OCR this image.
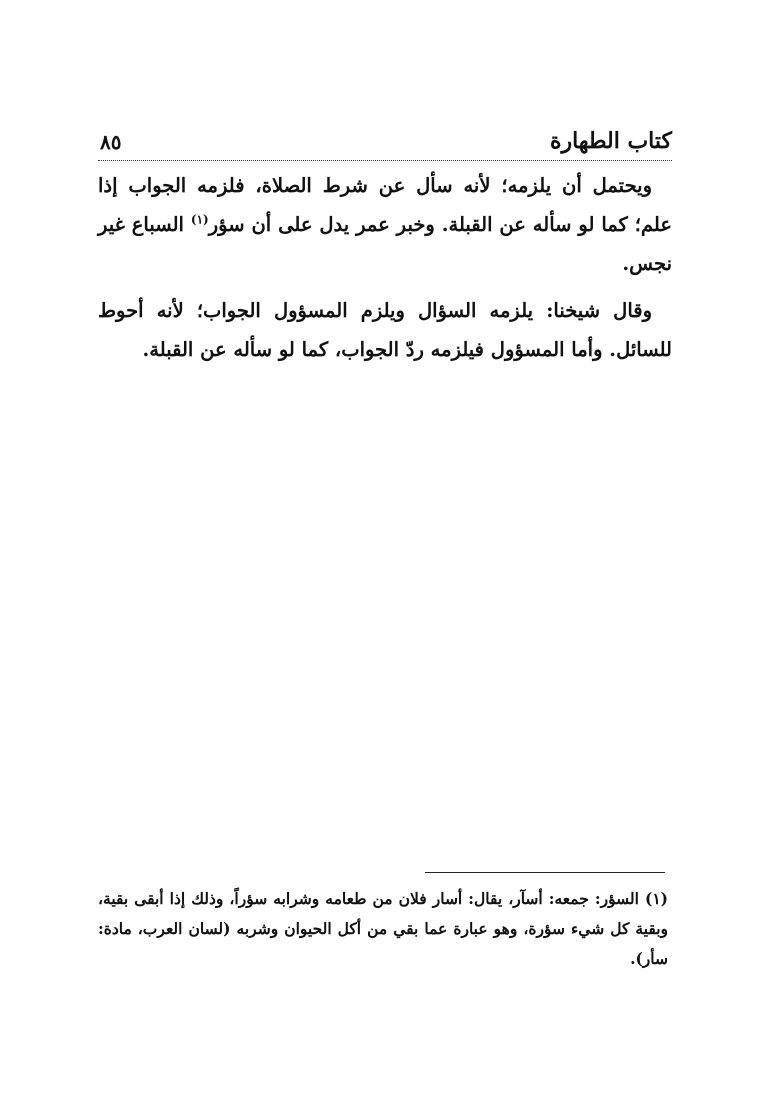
كتاب الطهارة
٨٥

ويحتمل أن يلزمه؛ لأنه سأل عن شرط الصلاة، فلزمه الجواب إذا علم؛ كما لو سأله عن القبلة. وخبر عمر يدل على أن سؤر$^{(١)}$ السباع غير نجس.

وقال شيخنا: يلزمه السؤال ويلزم المسؤول الجواب؛ لأنه أحوط للسائل. وأما المسؤول فيلزمه ردّ الجواب، كما لو سأله عن القبلة.

(١) السؤر: جمعه: أسآر، يقال: أسار فلان من طعامه وشرابه سؤراً، وذلك إذا أبقى بقية، وبقية كل شيء سؤرة، وهو عبارة عما بقي من أكل الحيوان وشربه (لسان العرب، مادة: سأر).
